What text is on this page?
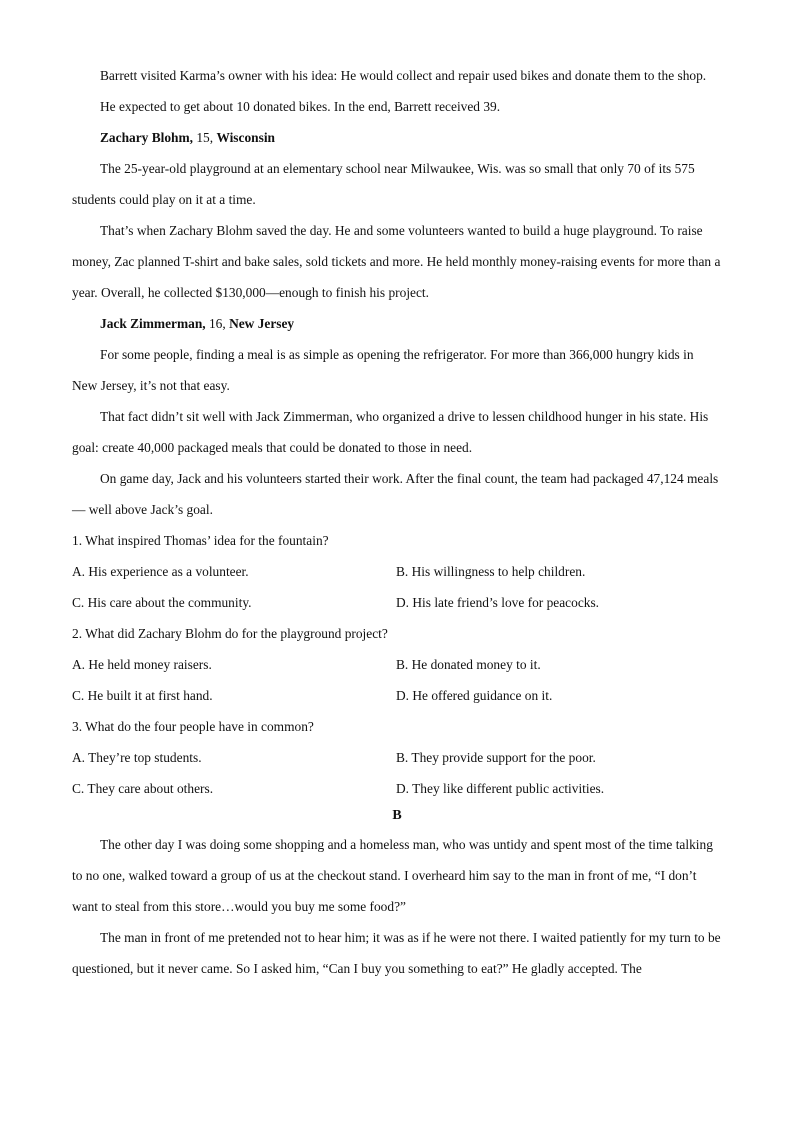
Barrett visited Karma’s owner with his idea: He would collect and repair used bikes and donate them to the shop.

He expected to get about 10 donated bikes. In the end, Barrett received 39.

Zachary Blohm, 15, Wisconsin

The 25-year-old playground at an elementary school near Milwaukee, Wis. was so small that only 70 of its 575 students could play on it at a time.

That’s when Zachary Blohm saved the day. He and some volunteers wanted to build a huge playground. To raise money, Zac planned T-shirt and bake sales, sold tickets and more. He held monthly money-raising events for more than a year. Overall, he collected $130,000—enough to finish his project.

Jack Zimmerman, 16, New Jersey

For some people, finding a meal is as simple as opening the refrigerator. For more than 366,000 hungry kids in New Jersey, it’s not that easy.

That fact didn’t sit well with Jack Zimmerman, who organized a drive to lessen childhood hunger in his state. His goal: create 40,000 packaged meals that could be donated to those in need.

On game day, Jack and his volunteers started their work. After the final count, the team had packaged 47,124 meals — well above Jack’s goal.

1. What inspired Thomas’ idea for the fountain?

A. His experience as a volunteer.	B. His willingness to help children.
C. His care about the community.	D. His late friend’s love for peacocks.

2. What did Zachary Blohm do for the playground project?

A. He held money raisers.	B. He donated money to it.
C. He built it at first hand.	D. He offered guidance on it.

3. What do the four people have in common?

A. They’re top students.	B. They provide support for the poor.
C. They care about others.	D. They like different public activities.

B

The other day I was doing some shopping and a homeless man, who was untidy and spent most of the time talking to no one, walked toward a group of us at the checkout stand. I overheard him say to the man in front of me, “I don’t want to steal from this store…would you buy me some food?”

The man in front of me pretended not to hear him; it was as if he were not there. I waited patiently for my turn to be questioned, but it never came. So I asked him, “Can I buy you something to eat?” He gladly accepted. The
